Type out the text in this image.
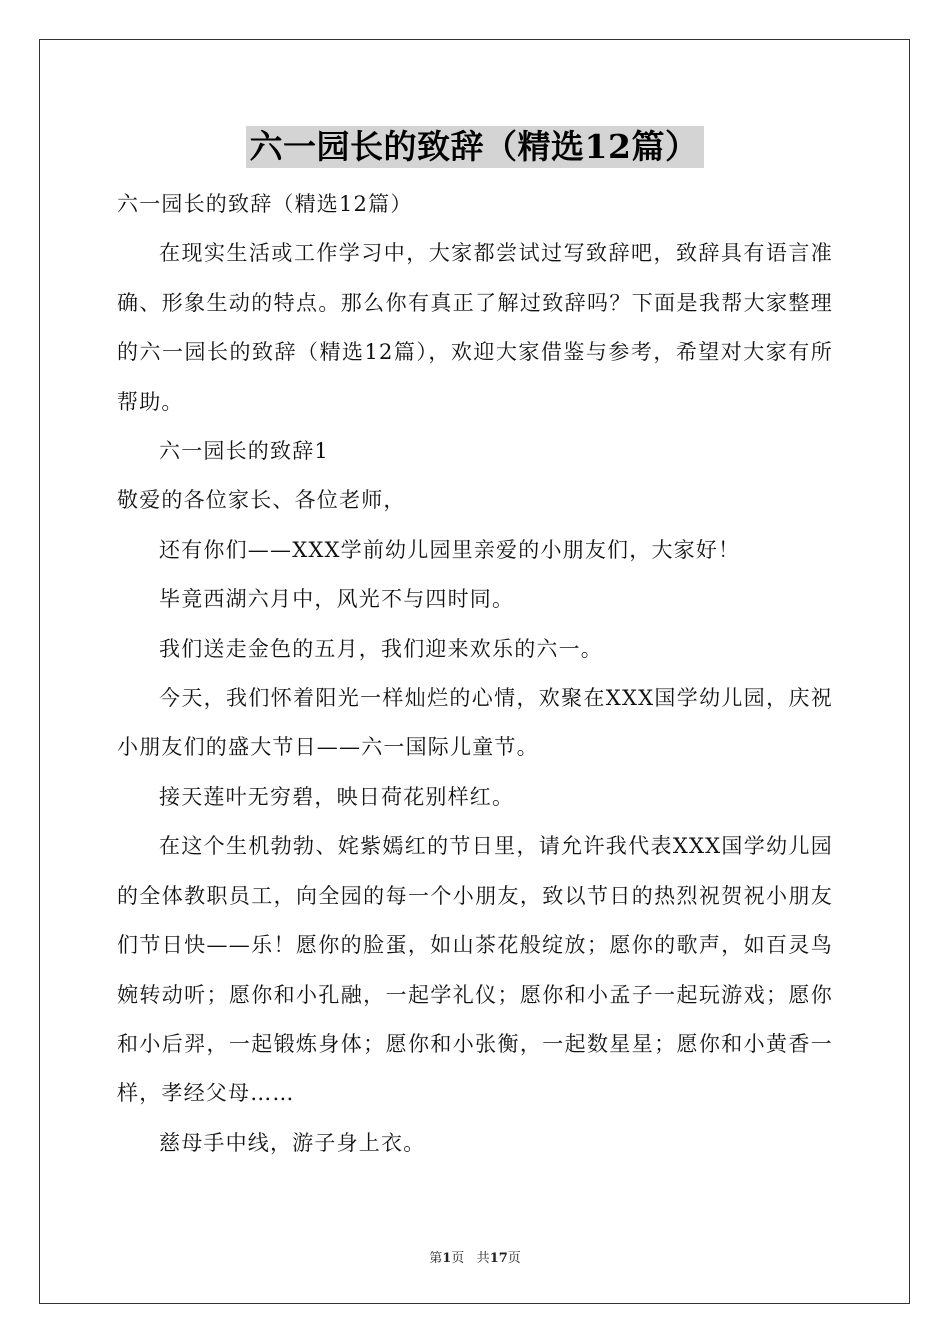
六一园长的致辞（精选12篇）

六一园长的致辞（精选12篇）

在现实生活或工作学习中，大家都尝试过写致辞吧，致辞具有语言准确、形象生动的特点。那么你有真正了解过致辞吗？下面是我帮大家整理的六一园长的致辞（精选12篇），欢迎大家借鉴与参考，希望对大家有所帮助。

六一园长的致辞1

敬爱的各位家长、各位老师，

还有你们——XXX学前幼儿园里亲爱的小朋友们，大家好！

毕竟西湖六月中，风光不与四时同。

我们送走金色的五月，我们迎来欢乐的六一。

今天，我们怀着阳光一样灿烂的心情，欢聚在XXX国学幼儿园，庆祝小朋友们的盛大节日——六一国际儿童节。

接天莲叶无穷碧，映日荷花别样红。

在这个生机勃勃、姹紫嫣红的节日里，请允许我代表XXX国学幼儿园的全体教职员工，向全园的每一个小朋友，致以节日的热烈祝贺祝小朋友们节日快——乐！愿你的脸蛋，如山茶花般绽放；愿你的歌声，如百灵鸟婉转动听；愿你和小孔融，一起学礼仪；愿你和小孟子一起玩游戏；愿你和小后羿，一起锻炼身体；愿你和小张衡，一起数星星；愿你和小黄香一样，孝经父母……

慈母手中线，游子身上衣。

第1页 共17页
